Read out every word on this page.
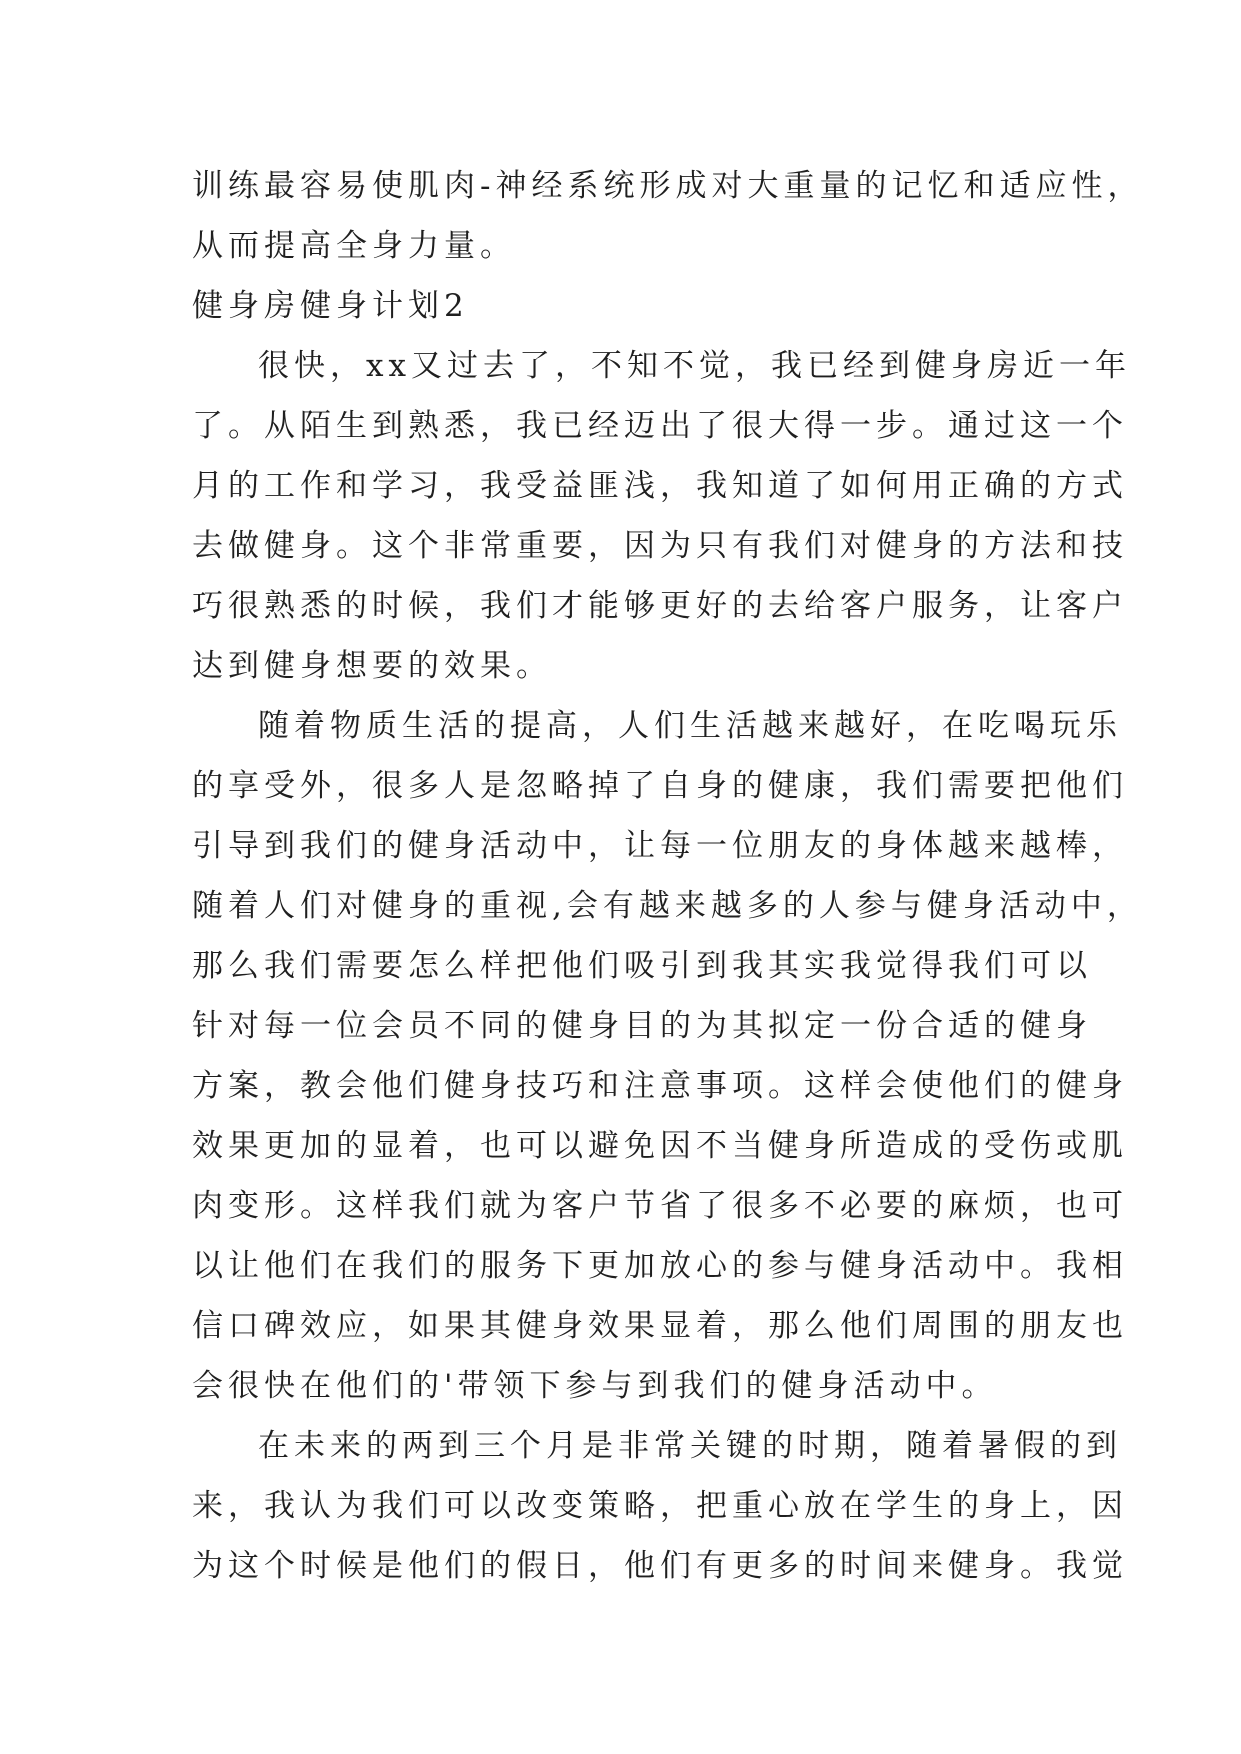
训练最容易使肌肉-神经系统形成对大重量的记忆和适应性，
从而提高全身力量。
健身房健身计划2
很快，xx又过去了，不知不觉，我已经到健身房近一年
了。从陌生到熟悉，我已经迈出了很大得一步。通过这一个
月的工作和学习，我受益匪浅，我知道了如何用正确的方式
去做健身。这个非常重要，因为只有我们对健身的方法和技
巧很熟悉的时候，我们才能够更好的去给客户服务，让客户
达到健身想要的效果。
随着物质生活的提高，人们生活越来越好，在吃喝玩乐
的享受外，很多人是忽略掉了自身的健康，我们需要把他们
引导到我们的健身活动中，让每一位朋友的身体越来越棒，
随着人们对健身的重视,会有越来越多的人参与健身活动中，
那么我们需要怎么样把他们吸引到我其实我觉得我们可以
针对每一位会员不同的健身目的为其拟定一份合适的健身
方案，教会他们健身技巧和注意事项。这样会使他们的健身
效果更加的显着，也可以避免因不当健身所造成的受伤或肌
肉变形。这样我们就为客户节省了很多不必要的麻烦，也可
以让他们在我们的服务下更加放心的参与健身活动中。我相
信口碑效应，如果其健身效果显着，那么他们周围的朋友也
会很快在他们的'带领下参与到我们的健身活动中。
在未来的两到三个月是非常关键的时期，随着暑假的到
来，我认为我们可以改变策略，把重心放在学生的身上，因
为这个时候是他们的假日，他们有更多的时间来健身。我觉
